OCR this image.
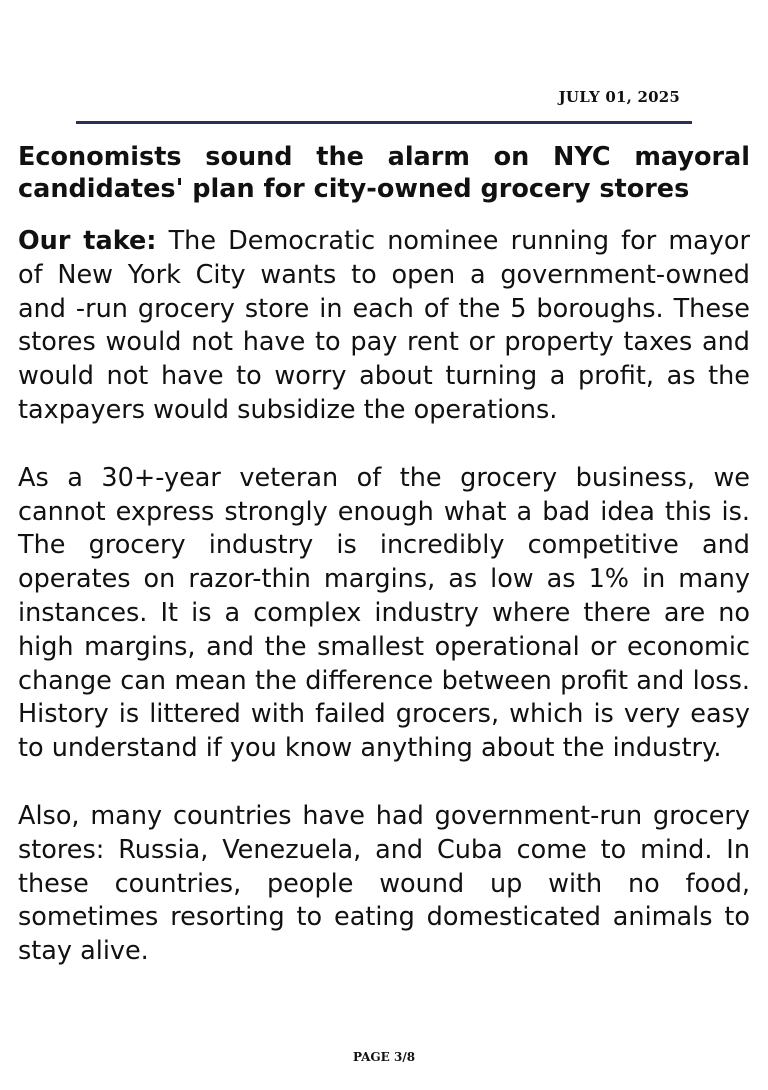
JULY 01, 2025
Economists sound the alarm on NYC mayoral candidates' plan for city-owned grocery stores

Our take: The Democratic nominee running for mayor of New York City wants to open a government-owned and -run grocery store in each of the 5 boroughs. These stores would not have to pay rent or property taxes and would not have to worry about turning a profit, as the taxpayers would subsidize the operations.

As a 30+-year veteran of the grocery business, we cannot express strongly enough what a bad idea this is. The grocery industry is incredibly competitive and operates on razor-thin margins, as low as 1% in many instances. It is a complex industry where there are no high margins, and the smallest operational or economic change can mean the difference between profit and loss. History is littered with failed grocers, which is very easy to understand if you know anything about the industry.

Also, many countries have had government-run grocery stores: Russia, Venezuela, and Cuba come to mind. In these countries, people wound up with no food, sometimes resorting to eating domesticated animals to stay alive.

PAGE 3/8
